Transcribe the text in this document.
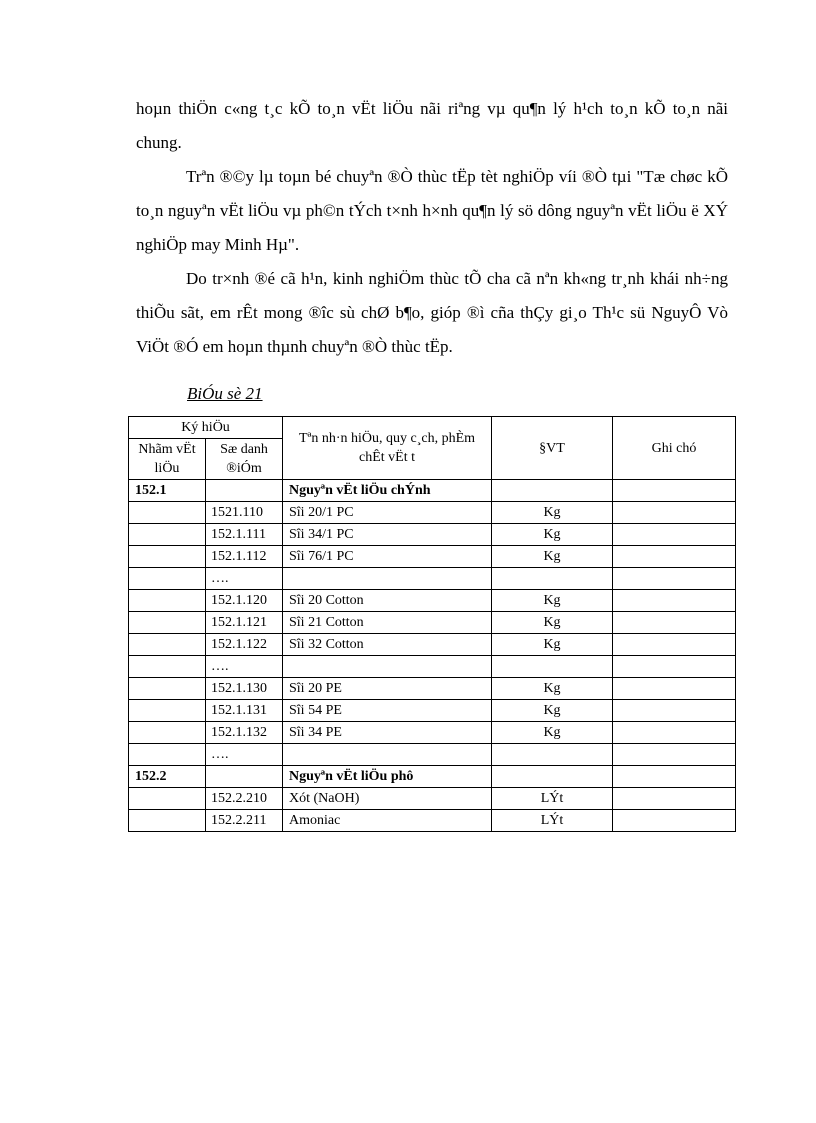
hoµn thiÖn c«ng t¸c kÕ to¸n vËt liÖu nãi riªng vµ qu¶n lý h¹ch to¸n kÕ to¸n nãi chung.

Trªn ®©y lµ toµn bé chuyªn ®Ò thùc tËp tèt nghiÖp víi ®Ò tµi "Tæ chøc kÕ to¸n nguyªn vËt liÖu vµ ph©n tÝch t×nh h×nh qu¶n lý sö dông nguyªn vËt liÖu ë XÝ nghiÖp may Minh Hµ".

Do tr×nh ®é cã h¹n, kinh nghiÖm thùc tÕ cha cã nªn kh«ng tr¸nh khái nh÷ng thiÕu sãt, em rÊt mong ®îc sù chØ b¶o, gióp ®ì cña thÇy gi¸o Th¹c sü NguyÔ Vò ViÖt ®Ó em hoµn thµnh chuyªn ®Ò thùc tËp.

BiÓu sè 21

Ký hiÖu		Tªn nh·n hiÖu, quy c¸ch, phÈm chÊt vËt t	§VT	Ghi chó
Nhãm vËt liÖu	Sæ danh ®iÓm			
152.1		Nguyªn vËt liÖu chÝnh		
	1521.110	Sîi 20/1 PC	Kg	
	152.1.111	Sîi 34/1 PC	Kg	
	152.1.112	Sîi 76/1 PC	Kg	
	….			
	152.1.120	Sîi 20 Cotton	Kg	
	152.1.121	Sîi 21 Cotton	Kg	
	152.1.122	Sîi 32 Cotton	Kg	
	….			
	152.1.130	Sîi 20 PE	Kg	
	152.1.131	Sîi 54 PE	Kg	
	152.1.132	Sîi 34 PE	Kg	
	….			
152.2		Nguyªn vËt liÖu phô		
	152.2.210	Xót (NaOH)	LÝt	
	152.2.211	Amoniac	LÝt	
